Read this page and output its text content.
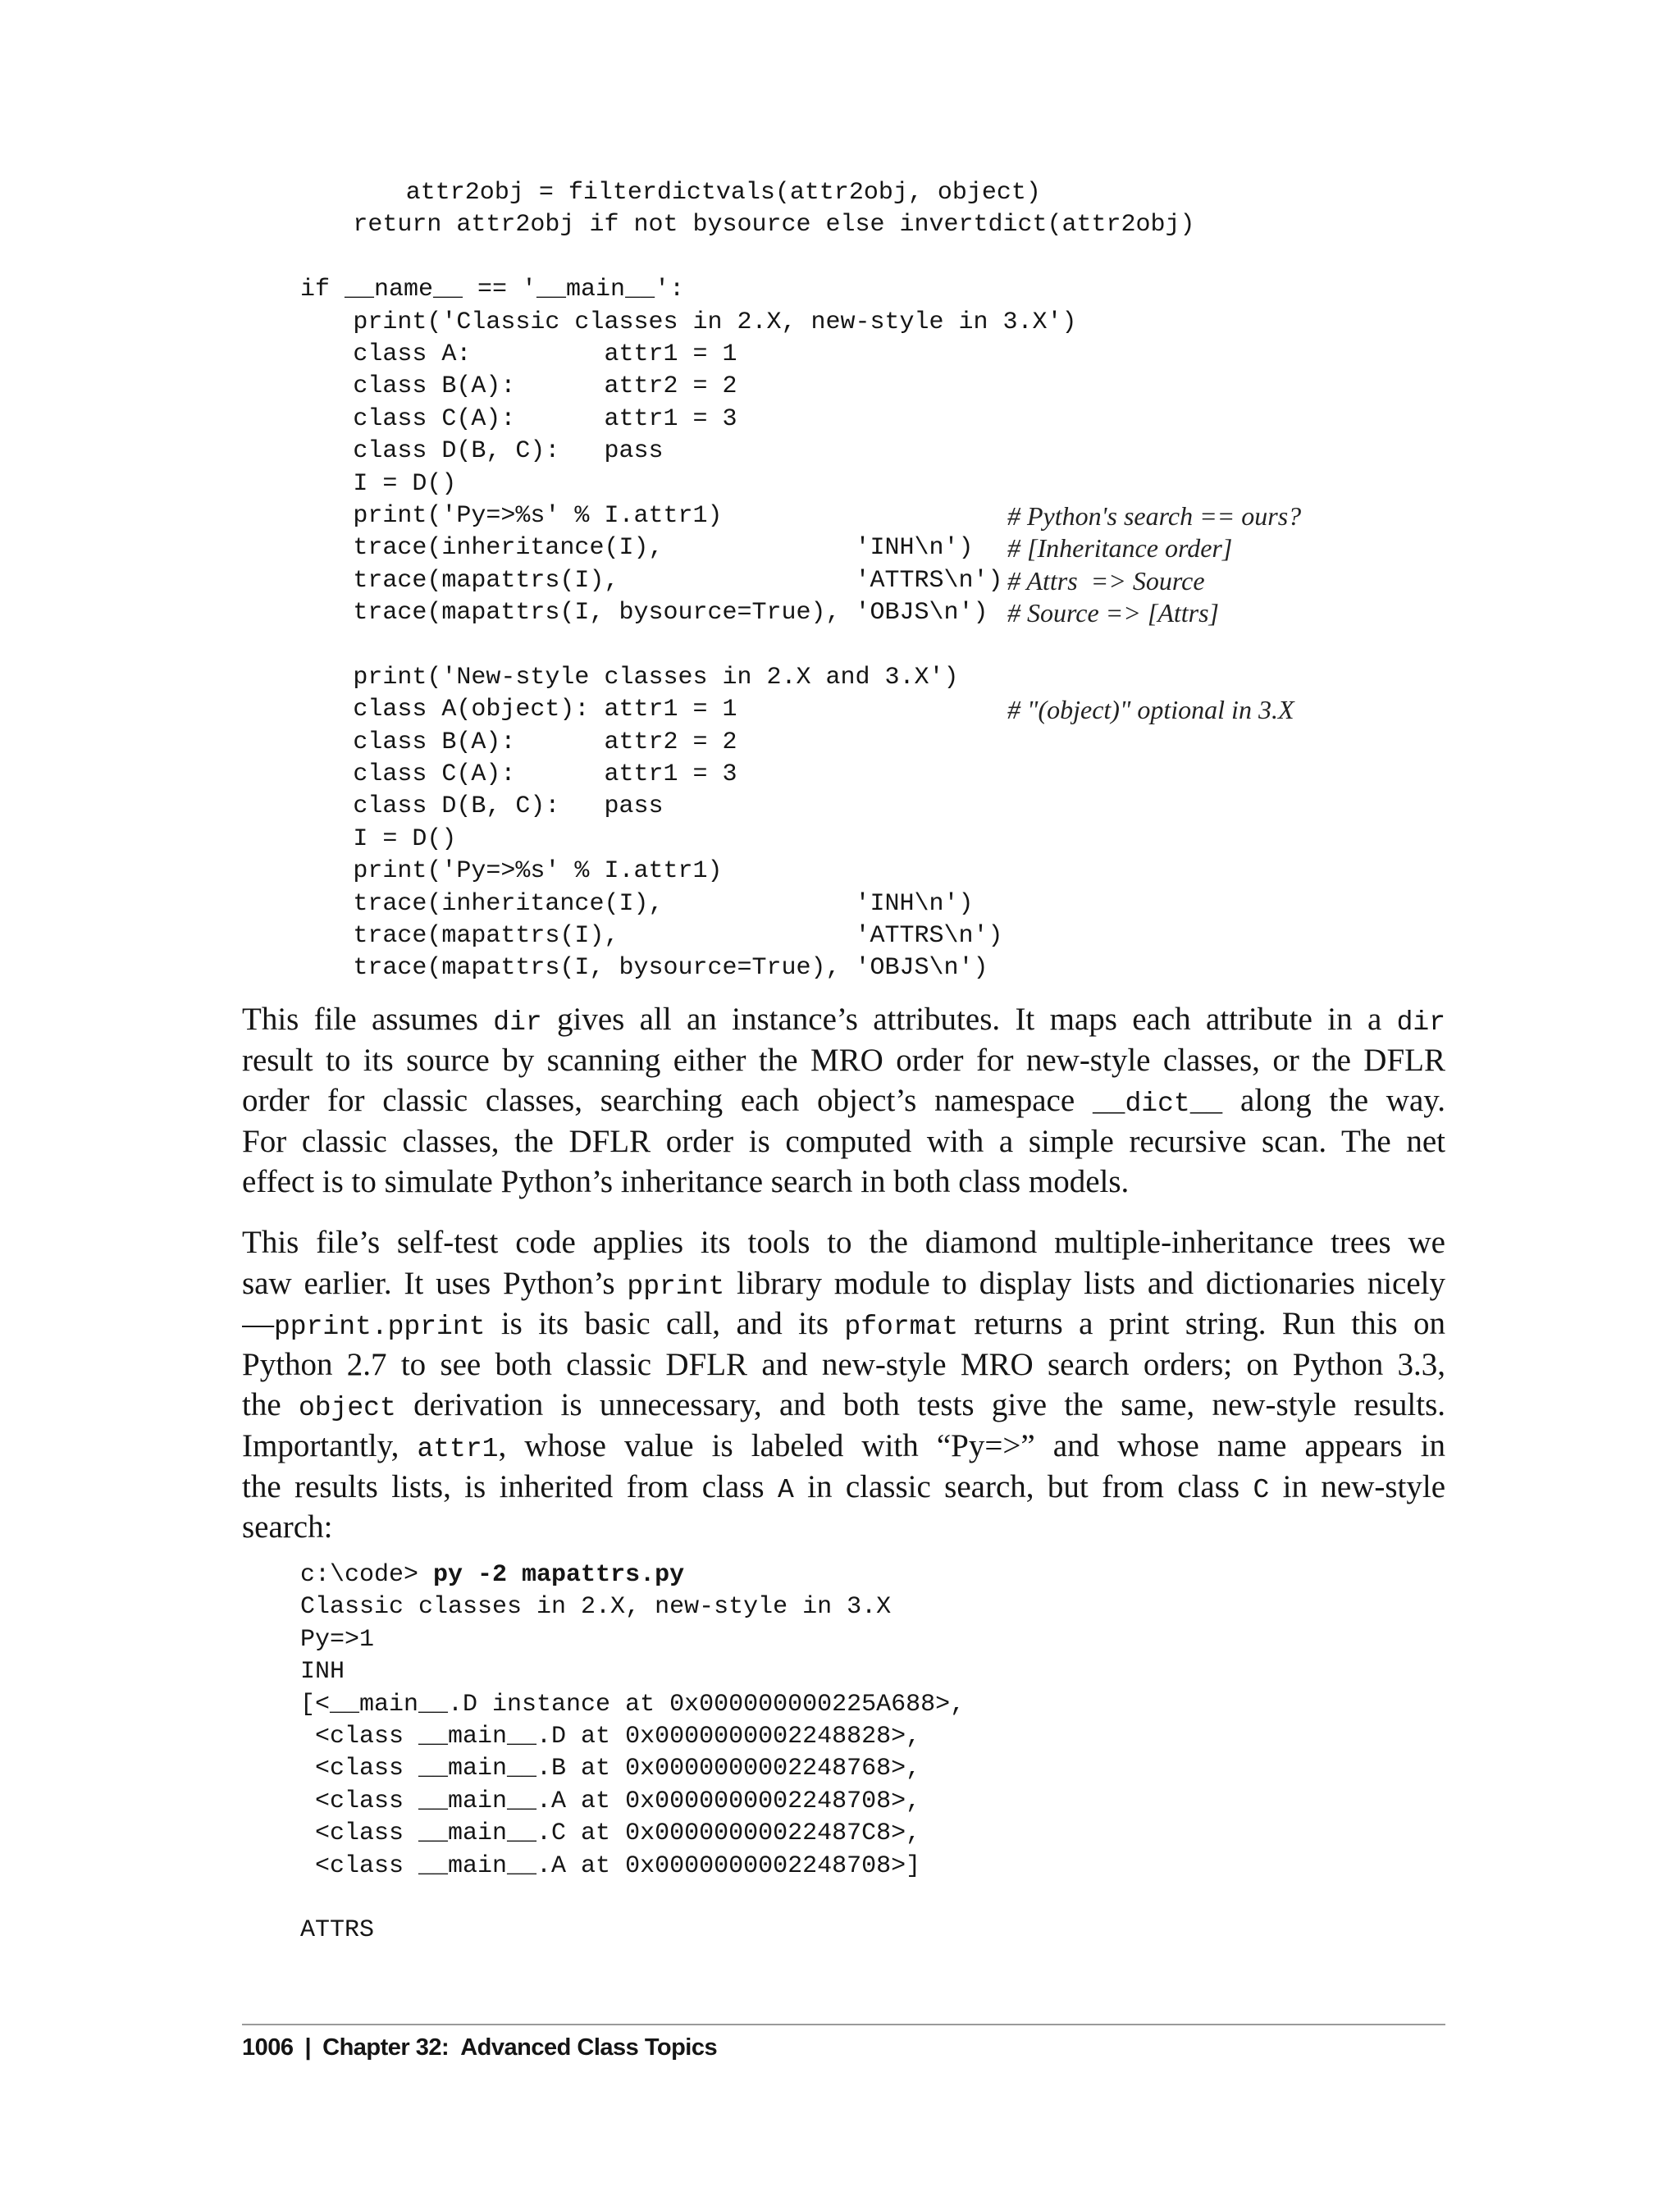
attr2obj = filterdictvals(attr2obj, object)
return attr2obj if not bysource else invertdict(attr2obj)
if __name__ == '__main__':
print('Classic classes in 2.X, new-style in 3.X')
class A:         attr1 = 1
class B(A):      attr2 = 2
class C(A):      attr1 = 3
class D(B, C):   pass
I = D()
print('Py=>%s' % I.attr1)	# Python's search == ours?
trace(inheritance(I),             'INH\n') # [Inheritance order]
trace(mapattrs(I),                'ATTRS\n') # Attrs  => Source
trace(mapattrs(I, bysource=True), 'OBJS\n') # Source => [Attrs]
print('New-style classes in 2.X and 3.X')
class A(object): attr1 = 1	# "(object)" optional in 3.X
class B(A):      attr2 = 2
class C(A):      attr1 = 3
class D(B, C):   pass
I = D()
print('Py=>%s' % I.attr1)
trace(inheritance(I),             'INH\n')
trace(mapattrs(I),                'ATTRS\n')
trace(mapattrs(I, bysource=True), 'OBJS\n')
This file assumes dir gives all an instance’s attributes. It maps each attribute in a dir
result to its source by scanning either the MRO order for new-style classes, or the DFLR
order for classic classes, searching each object’s namespace __dict__ along the way.
For classic classes, the DFLR order is computed with a simple recursive scan. The net
effect is to simulate Python’s inheritance search in both class models.
This file’s self-test code applies its tools to the diamond multiple-inheritance trees we
saw earlier. It uses Python’s pprint library module to display lists and dictionaries nicely
—pprint.pprint is its basic call, and its pformat returns a print string. Run this on
Python 2.7 to see both classic DFLR and new-style MRO search orders; on Python 3.3,
the object derivation is unnecessary, and both tests give the same, new-style results.
Importantly, attr1, whose value is labeled with “Py=>” and whose name appears in
the results lists, is inherited from class A in classic search, but from class C in new-style
search:
c:\code> py -2 mapattrs.py
Classic classes in 2.X, new-style in 3.X
Py=>1
INH
[<__main__.D instance at 0x000000000225A688>,
<class __main__.D at 0x0000000002248828>,
<class __main__.B at 0x0000000002248768>,
<class __main__.A at 0x0000000002248708>,
<class __main__.C at 0x00000000022487C8>,
<class __main__.A at 0x0000000002248708>]
ATTRS
1006 | Chapter 32:  Advanced Class Topics
